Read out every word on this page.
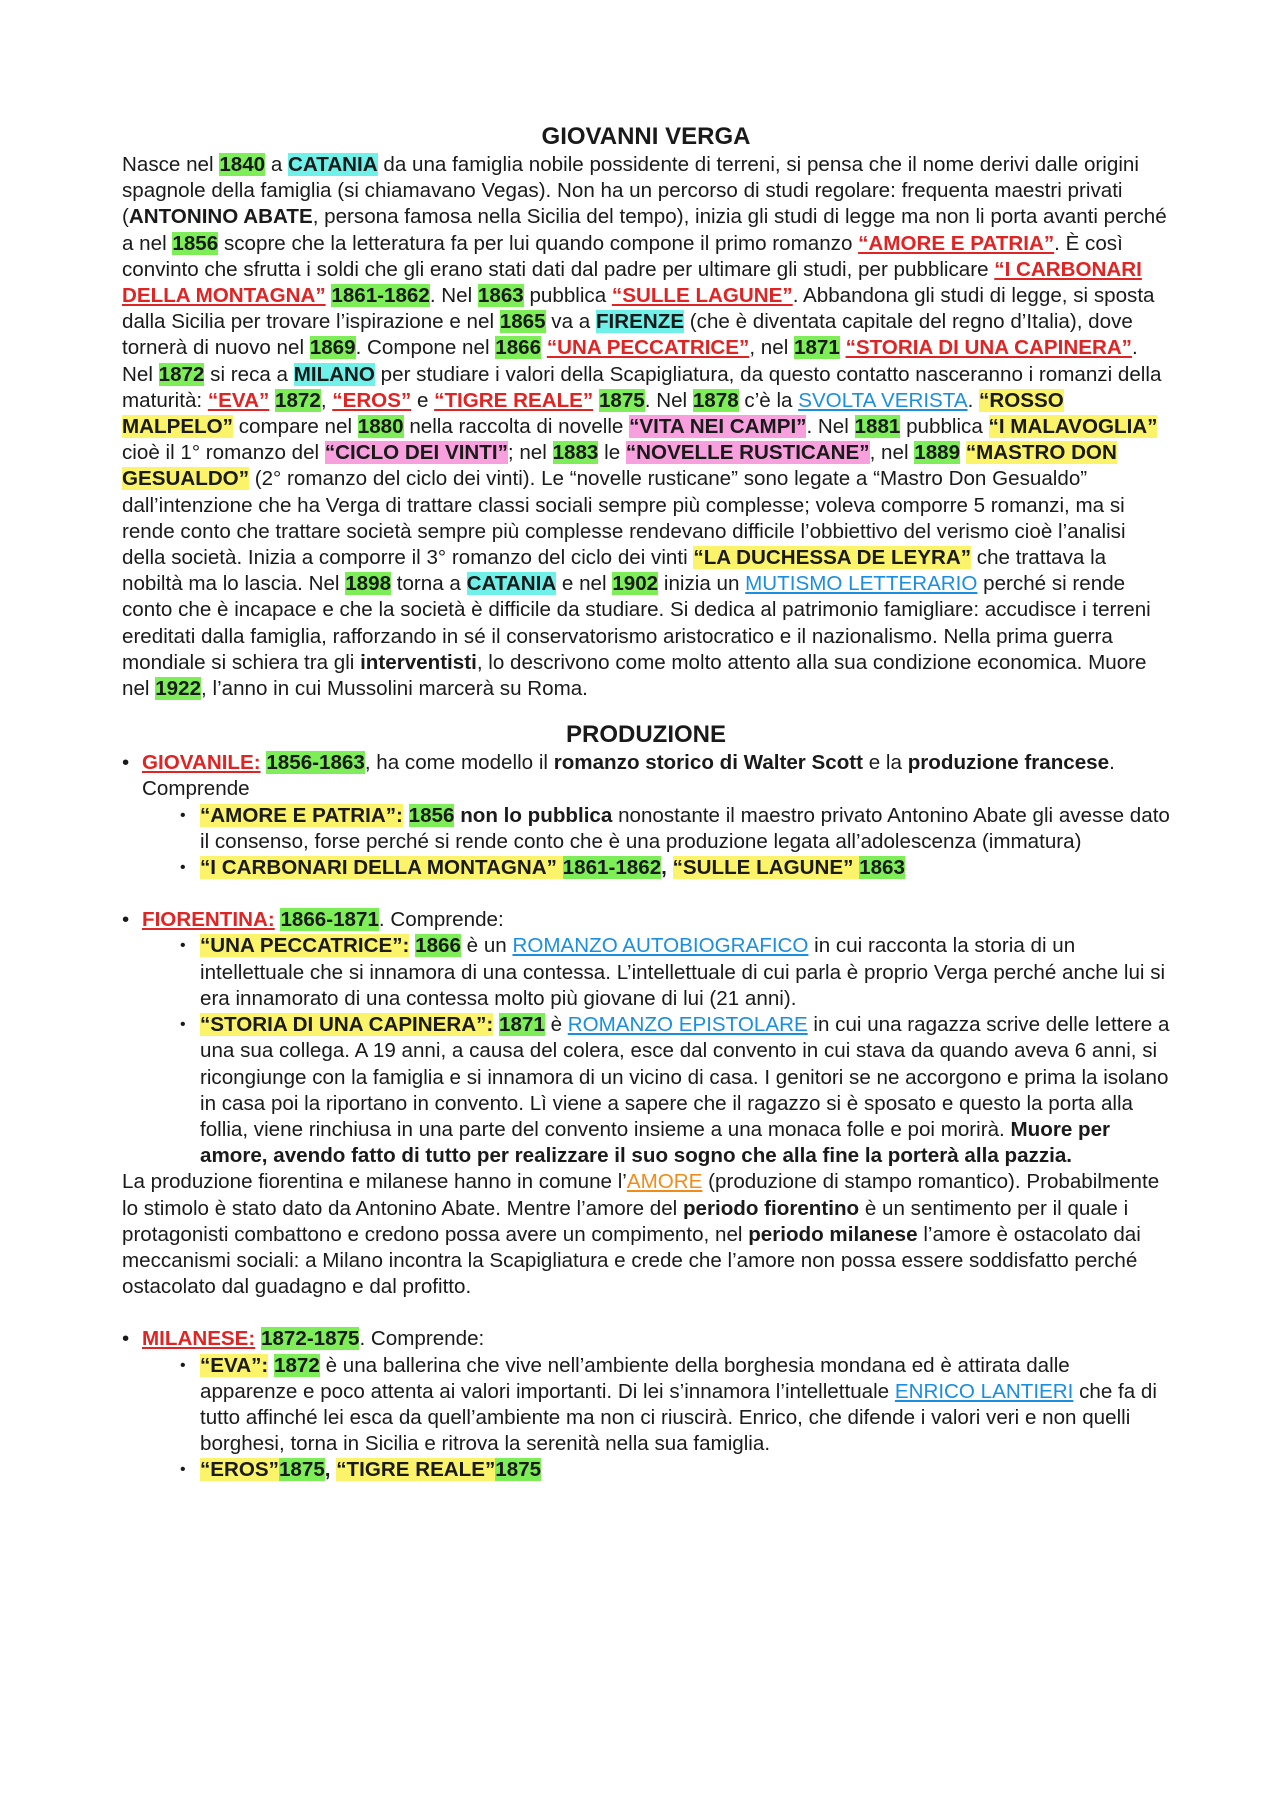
GIOVANNI VERGA

Nasce nel 1840 a CATANIA da una famiglia nobile possidente di terreni, si pensa che il nome derivi dalle origini spagnole della famiglia (si chiamavano Vegas). Non ha un percorso di studi regolare: frequenta maestri privati (ANTONINO ABATE, persona famosa nella Sicilia del tempo), inizia gli studi di legge ma non li porta avanti perché a nel 1856 scopre che la letteratura fa per lui quando compone il primo romanzo “AMORE E PATRIA”. È così convinto che sfrutta i soldi che gli erano stati dati dal padre per ultimare gli studi, per pubblicare “I CARBONARI DELLA MONTAGNA” 1861-1862. Nel 1863 pubblica “SULLE LAGUNE”. Abbandona gli studi di legge, si sposta dalla Sicilia per trovare l’ispirazione e nel 1865 va a FIRENZE (che è diventata capitale del regno d’Italia), dove tornerà di nuovo nel 1869. Compone nel 1866 “UNA PECCATRICE”, nel 1871 “STORIA DI UNA CAPINERA”. Nel 1872 si reca a MILANO per studiare i valori della Scapigliatura, da questo contatto nasceranno i romanzi della maturità: “EVA” 1872, “EROS” e “TIGRE REALE” 1875. Nel 1878 c’è la SVOLTA VERISTA. “ROSSO MALPELO” compare nel 1880 nella raccolta di novelle “VITA NEI CAMPI”. Nel 1881 pubblica “I MALAVOGLIA” cioè il 1° romanzo del “CICLO DEI VINTI”; nel 1883 le “NOVELLE RUSTICANE”, nel 1889 “MASTRO DON GESUALDO” (2° romanzo del ciclo dei vinti). Le “novelle rusticane” sono legate a “Mastro Don Gesualdo” dall’intenzione che ha Verga di trattare classi sociali sempre più complesse; voleva comporre 5 romanzi, ma si rende conto che trattare società sempre più complesse rendevano difficile l’obbiettivo del verismo cioè l’analisi della società. Inizia a comporre il 3° romanzo del ciclo dei vinti “LA DUCHESSA DE LEYRA” che trattava la nobiltà ma lo lascia. Nel 1898 torna a CATANIA e nel 1902 inizia un MUTISMO LETTERARIO perché si rende conto che è incapace e che la società è difficile da studiare. Si dedica al patrimonio famigliare: accudisce i terreni ereditati dalla famiglia, rafforzando in sé il conservatorismo aristocratico e il nazionalismo. Nella prima guerra mondiale si schiera tra gli interventisti, lo descrivono come molto attento alla sua condizione economica. Muore nel 1922, l’anno in cui Mussolini marcerà su Roma.

PRODUZIONE
• GIOVANILE: 1856-1863, ha come modello il romanzo storico di Walter Scott e la produzione francese. Comprende
• “AMORE E PATRIA”: 1856 non lo pubblica nonostante il maestro privato Antonino Abate gli avesse dato il consenso, forse perché si rende conto che è una produzione legata all’adolescenza (immatura)
• “I CARBONARI DELLA MONTAGNA” 1861-1862, “SULLE LAGUNE” 1863
• FIORENTINA: 1866-1871. Comprende:
• “UNA PECCATRICE”: 1866 è un ROMANZO AUTOBIOGRAFICO in cui racconta la storia di un intellettuale che si innamora di una contessa. L’intellettuale di cui parla è proprio Verga perché anche lui si era innamorato di una contessa molto più giovane di lui (21 anni).
• “STORIA DI UNA CAPINERA”: 1871 è ROMANZO EPISTOLARE in cui una ragazza scrive delle lettere a una sua collega. A 19 anni, a causa del colera, esce dal convento in cui stava da quando aveva 6 anni, si ricongiunge con la famiglia e si innamora di un vicino di casa. I genitori se ne accorgono e prima la isolano in casa poi la riportano in convento. Lì viene a sapere che il ragazzo si è sposato e questo la porta alla follia, viene rinchiusa in una parte del convento insieme a una monaca folle e poi morirà. Muore per amore, avendo fatto di tutto per realizzare il suo sogno che alla fine la porterà alla pazzia.

La produzione fiorentina e milanese hanno in comune l’AMORE (produzione di stampo romantico). Probabilmente lo stimolo è stato dato da Antonino Abate. Mentre l’amore del periodo fiorentino è un sentimento per il quale i protagonisti combattono e credono possa avere un compimento, nel periodo milanese l’amore è ostacolato dai meccanismi sociali: a Milano incontra la Scapigliatura e crede che l’amore non possa essere soddisfatto perché ostacolato dal guadagno e dal profitto.

• MILANESE: 1872-1875. Comprende:
• “EVA”: 1872 è una ballerina che vive nell’ambiente della borghesia mondana ed è attirata dalle apparenze e poco attenta ai valori importanti. Di lei s’innamora l’intellettuale ENRICO LANTIERI che fa di tutto affinché lei esca da quell’ambiente ma non ci riuscirà. Enrico, che difende i valori veri e non quelli borghesi, torna in Sicilia e ritrova la serenità nella sua famiglia.
• “EROS”1875, “TIGRE REALE”1875
